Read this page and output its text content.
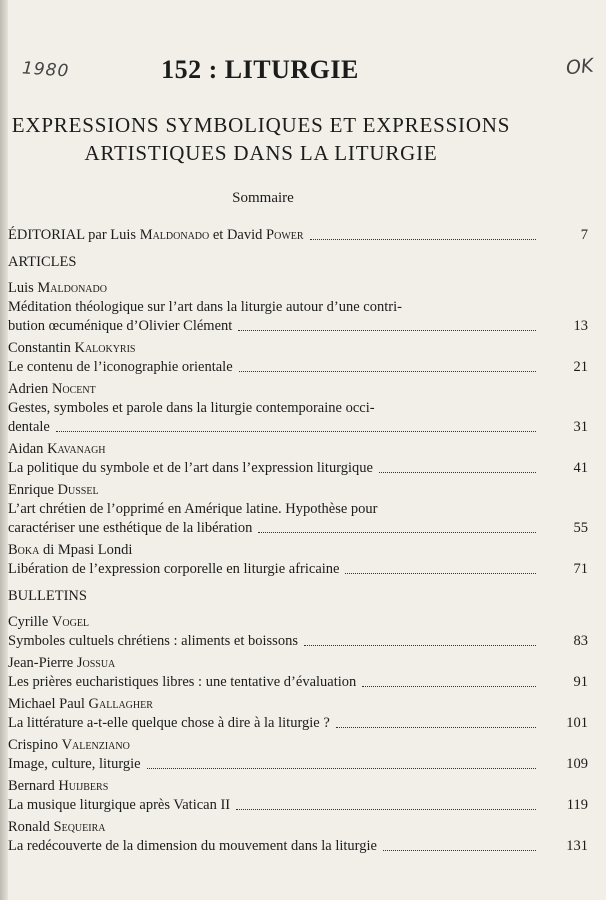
1980	OK
152 : LITURGIE
EXPRESSIONS SYMBOLIQUES ET EXPRESSIONS
ARTISTIQUES DANS LA LITURGIE
Sommaire
ÉDITORIAL par Luis Maldonado et David Power	7
ARTICLES
Luis Maldonado
Méditation théologique sur l’art dans la liturgie autour d’une contri-
bution œcuménique d’Olivier Clément	13
Constantin Kalokyris
Le contenu de l’iconographie orientale	21
Adrien Nocent
Gestes, symboles et parole dans la liturgie contemporaine occi-
dentale	31
Aidan Kavanagh
La politique du symbole et de l’art dans l’expression liturgique	41
Enrique Dussel
L’art chrétien de l’opprimé en Amérique latine. Hypothèse pour
caractériser une esthétique de la libération	55
Boka di Mpasi Londi
Libération de l’expression corporelle en liturgie africaine	71
BULLETINS
Cyrille Vogel
Symboles cultuels chrétiens : aliments et boissons	83
Jean-Pierre Jossua
Les prières eucharistiques libres : une tentative d’évaluation	91
Michael Paul Gallagher
La littérature a-t-elle quelque chose à dire à la liturgie ?	101
Crispino Valenziano
Image, culture, liturgie	109
Bernard Huijbers
La musique liturgique après Vatican II	119
Ronald Sequeira
La redécouverte de la dimension du mouvement dans la liturgie	131
